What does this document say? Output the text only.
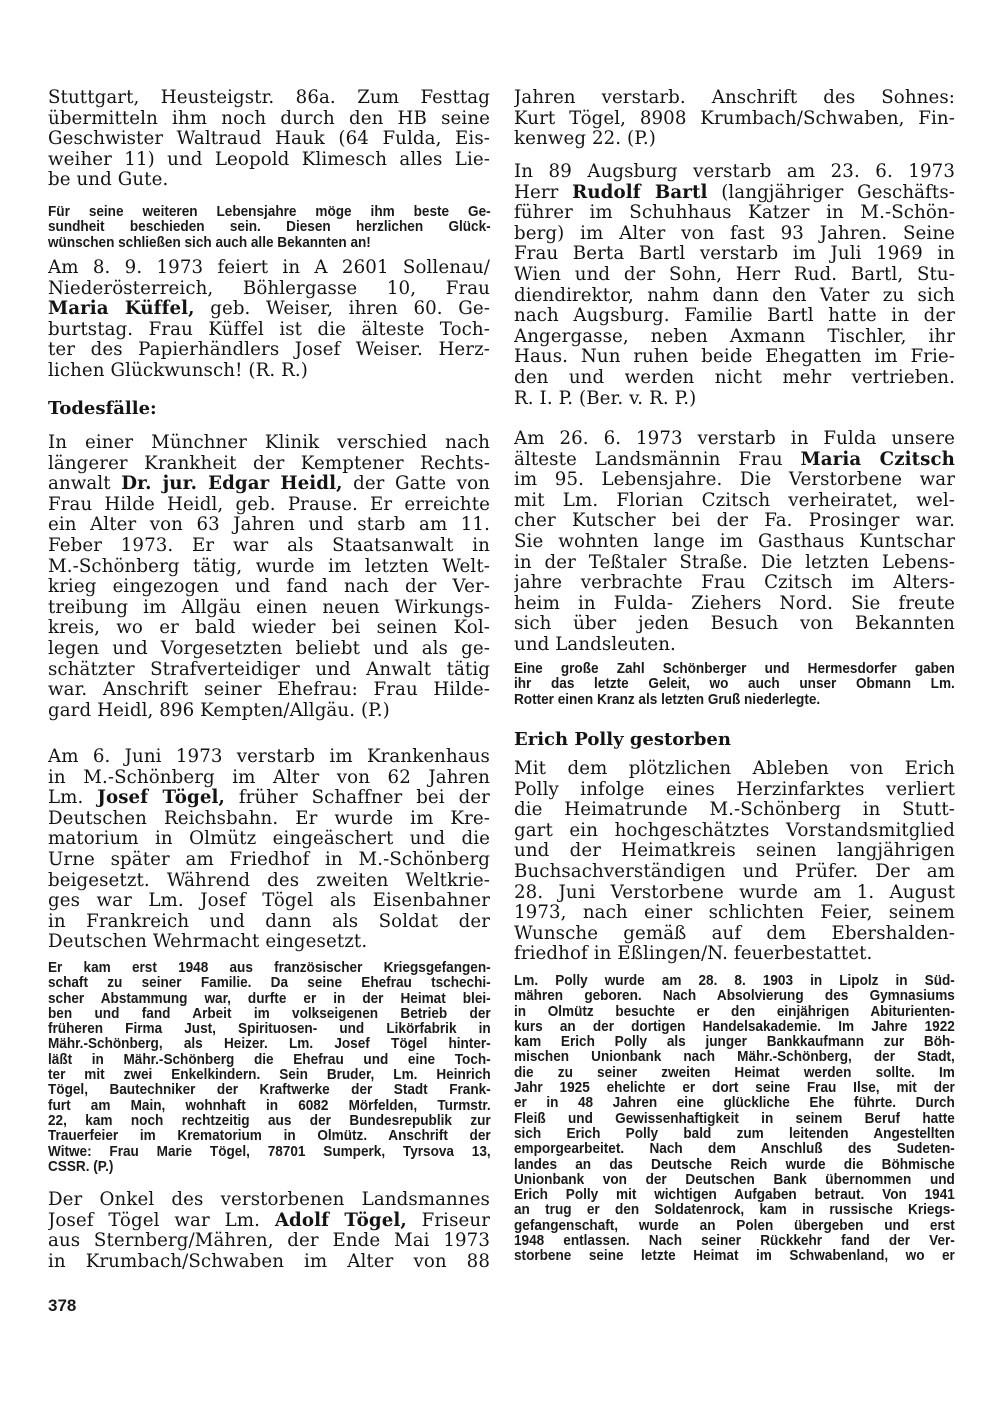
Stuttgart, Heusteigstr. 86a. Zum Festtag
übermitteln ihm noch durch den HB seine
Geschwister Waltraud Hauk (64 Fulda, Eis-
weiher 11) und Leopold Klimesch alles Lie-
be und Gute.
Für seine weiteren Lebensjahre möge ihm beste Ge-
sundheit beschieden sein. Diesen herzlichen Glück-
wünschen schließen sich auch alle Bekannten an!
Am 8. 9. 1973 feiert in A 2601 Sollenau/
Niederösterreich, Böhlergasse 10, Frau
Maria Küffel, geb. Weiser, ihren 60. Ge-
burtstag. Frau Küffel ist die älteste Toch-
ter des Papierhändlers Josef Weiser. Herz-
lichen Glückwunsch! (R. R.)
Todesfälle:
In einer Münchner Klinik verschied nach
längerer Krankheit der Kemptener Rechts-
anwalt Dr. jur. Edgar Heidl, der Gatte von
Frau Hilde Heidl, geb. Prause. Er erreichte
ein Alter von 63 Jahren und starb am 11.
Feber 1973. Er war als Staatsanwalt in
M.-Schönberg tätig, wurde im letzten Welt-
krieg eingezogen und fand nach der Ver-
treibung im Allgäu einen neuen Wirkungs-
kreis, wo er bald wieder bei seinen Kol-
legen und Vorgesetzten beliebt und als ge-
schätzter Strafverteidiger und Anwalt tätig
war. Anschrift seiner Ehefrau: Frau Hilde-
gard Heidl, 896 Kempten/Allgäu. (P.)
Am 6. Juni 1973 verstarb im Krankenhaus
in M.-Schönberg im Alter von 62 Jahren
Lm. Josef Tögel, früher Schaffner bei der
Deutschen Reichsbahn. Er wurde im Kre-
matorium in Olmütz eingeäschert und die
Urne später am Friedhof in M.-Schönberg
beigesetzt. Während des zweiten Weltkrie-
ges war Lm. Josef Tögel als Eisenbahner
in Frankreich und dann als Soldat der
Deutschen Wehrmacht eingesetzt.
Er kam erst 1948 aus französischer Kriegsgefangen-
schaft zu seiner Familie. Da seine Ehefrau tschechi-
scher Abstammung war, durfte er in der Heimat blei-
ben und fand Arbeit im volkseigenen Betrieb der
früheren Firma Just, Spirituosen- und Likörfabrik in
Mähr.-Schönberg, als Heizer. Lm. Josef Tögel hinter-
läßt in Mähr.-Schönberg die Ehefrau und eine Toch-
ter mit zwei Enkelkindern. Sein Bruder, Lm. Heinrich
Tögel, Bautechniker der Kraftwerke der Stadt Frank-
furt am Main, wohnhaft in 6082 Mörfelden, Turmstr.
22, kam noch rechtzeitig aus der Bundesrepublik zur
Trauerfeier im Krematorium in Olmütz. Anschrift der
Witwe: Frau Marie Tögel, 78701 Sumperk, Tyrsova 13,
CSSR. (P.)
Der Onkel des verstorbenen Landsmannes
Josef Tögel war Lm. Adolf Tögel, Friseur
aus Sternberg/Mähren, der Ende Mai 1973
in Krumbach/Schwaben im Alter von 88
Jahren verstarb. Anschrift des Sohnes:
Kurt Tögel, 8908 Krumbach/Schwaben, Fin-
kenweg 22. (P.)
In 89 Augsburg verstarb am 23. 6. 1973
Herr Rudolf Bartl (langjähriger Geschäfts-
führer im Schuhhaus Katzer in M.-Schön-
berg) im Alter von fast 93 Jahren. Seine
Frau Berta Bartl verstarb im Juli 1969 in
Wien und der Sohn, Herr Rud. Bartl, Stu-
diendirektor, nahm dann den Vater zu sich
nach Augsburg. Familie Bartl hatte in der
Angergasse, neben Axmann Tischler, ihr
Haus. Nun ruhen beide Ehegatten im Frie-
den und werden nicht mehr vertrieben.
R. I. P. (Ber. v. R. P.)
Am 26. 6. 1973 verstarb in Fulda unsere
älteste Landsmännin Frau Maria Czitsch
im 95. Lebensjahre. Die Verstorbene war
mit Lm. Florian Czitsch verheiratet, wel-
cher Kutscher bei der Fa. Prosinger war.
Sie wohnten lange im Gasthaus Kuntschar
in der Teßtaler Straße. Die letzten Lebens-
jahre verbrachte Frau Czitsch im Alters-
heim in Fulda- Ziehers Nord. Sie freute
sich über jeden Besuch von Bekannten
und Landsleuten.
Eine große Zahl Schönberger und Hermesdorfer gaben
ihr das letzte Geleit, wo auch unser Obmann Lm.
Rotter einen Kranz als letzten Gruß niederlegte.
Erich Polly gestorben
Mit dem plötzlichen Ableben von Erich
Polly infolge eines Herzinfarktes verliert
die Heimatrunde M.-Schönberg in Stutt-
gart ein hochgeschätztes Vorstandsmitglied
und der Heimatkreis seinen langjährigen
Buchsachverständigen und Prüfer. Der am
28. Juni Verstorbene wurde am 1. August
1973, nach einer schlichten Feier, seinem
Wunsche gemäß auf dem Ebershalden-
friedhof in Eßlingen/N. feuerbestattet.
Lm. Polly wurde am 28. 8. 1903 in Lipolz in Süd-
mähren geboren. Nach Absolvierung des Gymnasiums
in Olmütz besuchte er den einjährigen Abiturienten-
kurs an der dortigen Handelsakademie. Im Jahre 1922
kam Erich Polly als junger Bankkaufmann zur Böh-
mischen Unionbank nach Mähr.-Schönberg, der Stadt,
die zu seiner zweiten Heimat werden sollte. Im
Jahr 1925 ehelichte er dort seine Frau Ilse, mit der
er in 48 Jahren eine glückliche Ehe führte. Durch
Fleiß und Gewissenhaftigkeit in seinem Beruf hatte
sich Erich Polly bald zum leitenden Angestellten
emporgearbeitet. Nach dem Anschluß des Sudeten-
landes an das Deutsche Reich wurde die Böhmische
Unionbank von der Deutschen Bank übernommen und
Erich Polly mit wichtigen Aufgaben betraut. Von 1941
an trug er den Soldatenrock, kam in russische Kriegs-
gefangenschaft, wurde an Polen übergeben und erst
1948 entlassen. Nach seiner Rückkehr fand der Ver-
storbene seine letzte Heimat im Schwabenland, wo er
378
